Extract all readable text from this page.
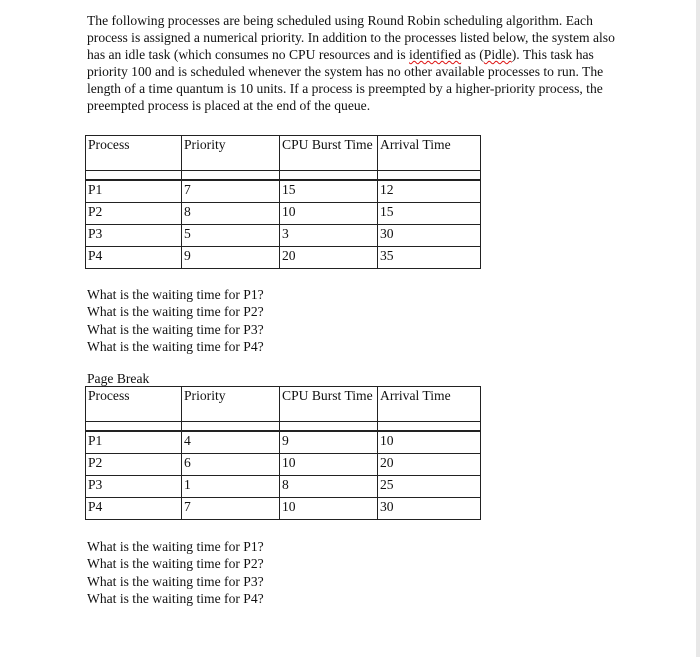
The following processes are being scheduled using Round Robin scheduling algorithm. Each process is assigned a numerical priority. In addition to the processes listed below, the system also has an idle task (which consumes no CPU resources and is identified as (Pidle). This task has priority 100 and is scheduled whenever the system has no other available processes to run. The length of a time quantum is 10 units. If a process is preempted by a higher-priority process, the preempted process is placed at the end of the queue.
Process	Priority	CPU Burst Time	Arrival Time

P1	7	15	12
P2	8	10	15
P3	5	3	30
P4	9	20	35
What is the waiting time for P1?
What is the waiting time for P2?
What is the waiting time for P3?
What is the waiting time for P4?
Page Break
Process	Priority	CPU Burst Time	Arrival Time

P1	4	9	10
P2	6	10	20
P3	1	8	25
P4	7	10	30
What is the waiting time for P1?
What is the waiting time for P2?
What is the waiting time for P3?
What is the waiting time for P4?
